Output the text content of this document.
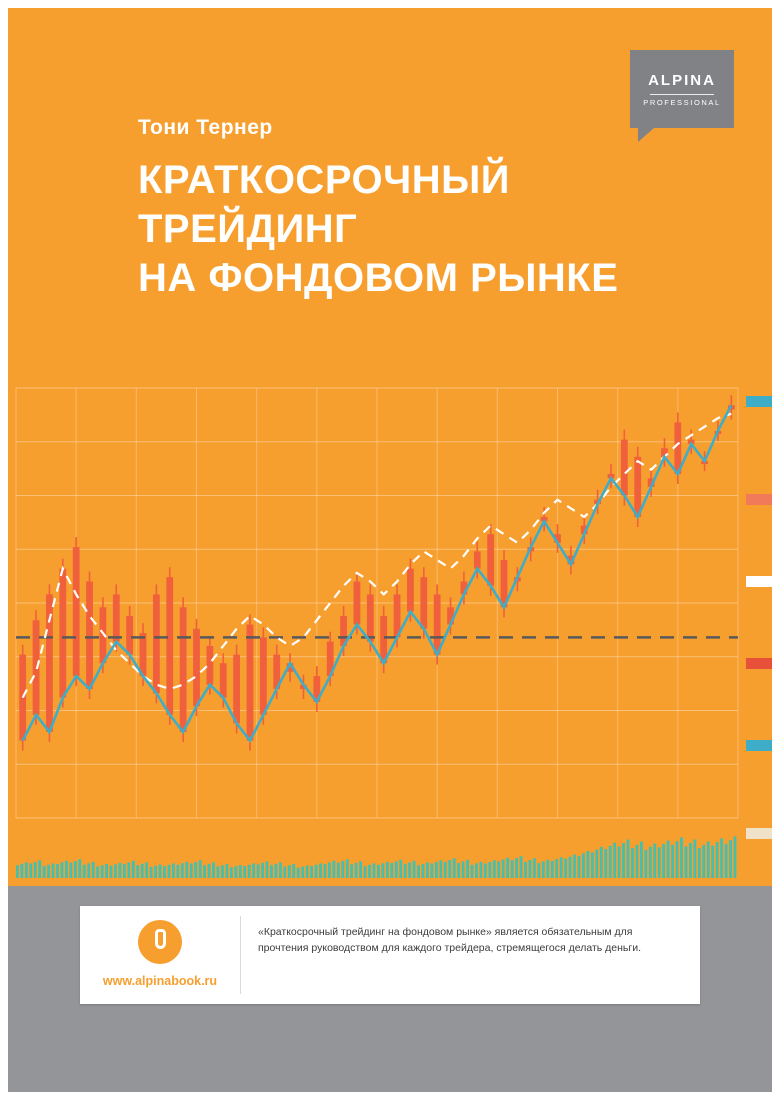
ALPINA
PROFESSIONAL
Тони Тернер
КРАТКОСРОЧНЫЙ
ТРЕЙДИНГ
НА ФОНДОВОМ РЫНКЕ
www.alpinabook.ru
«Краткосрочный трейдинг на фондовом рынке» является обязательным для прочтения руководством для каждого трейдера, стремящегося делать деньги.
